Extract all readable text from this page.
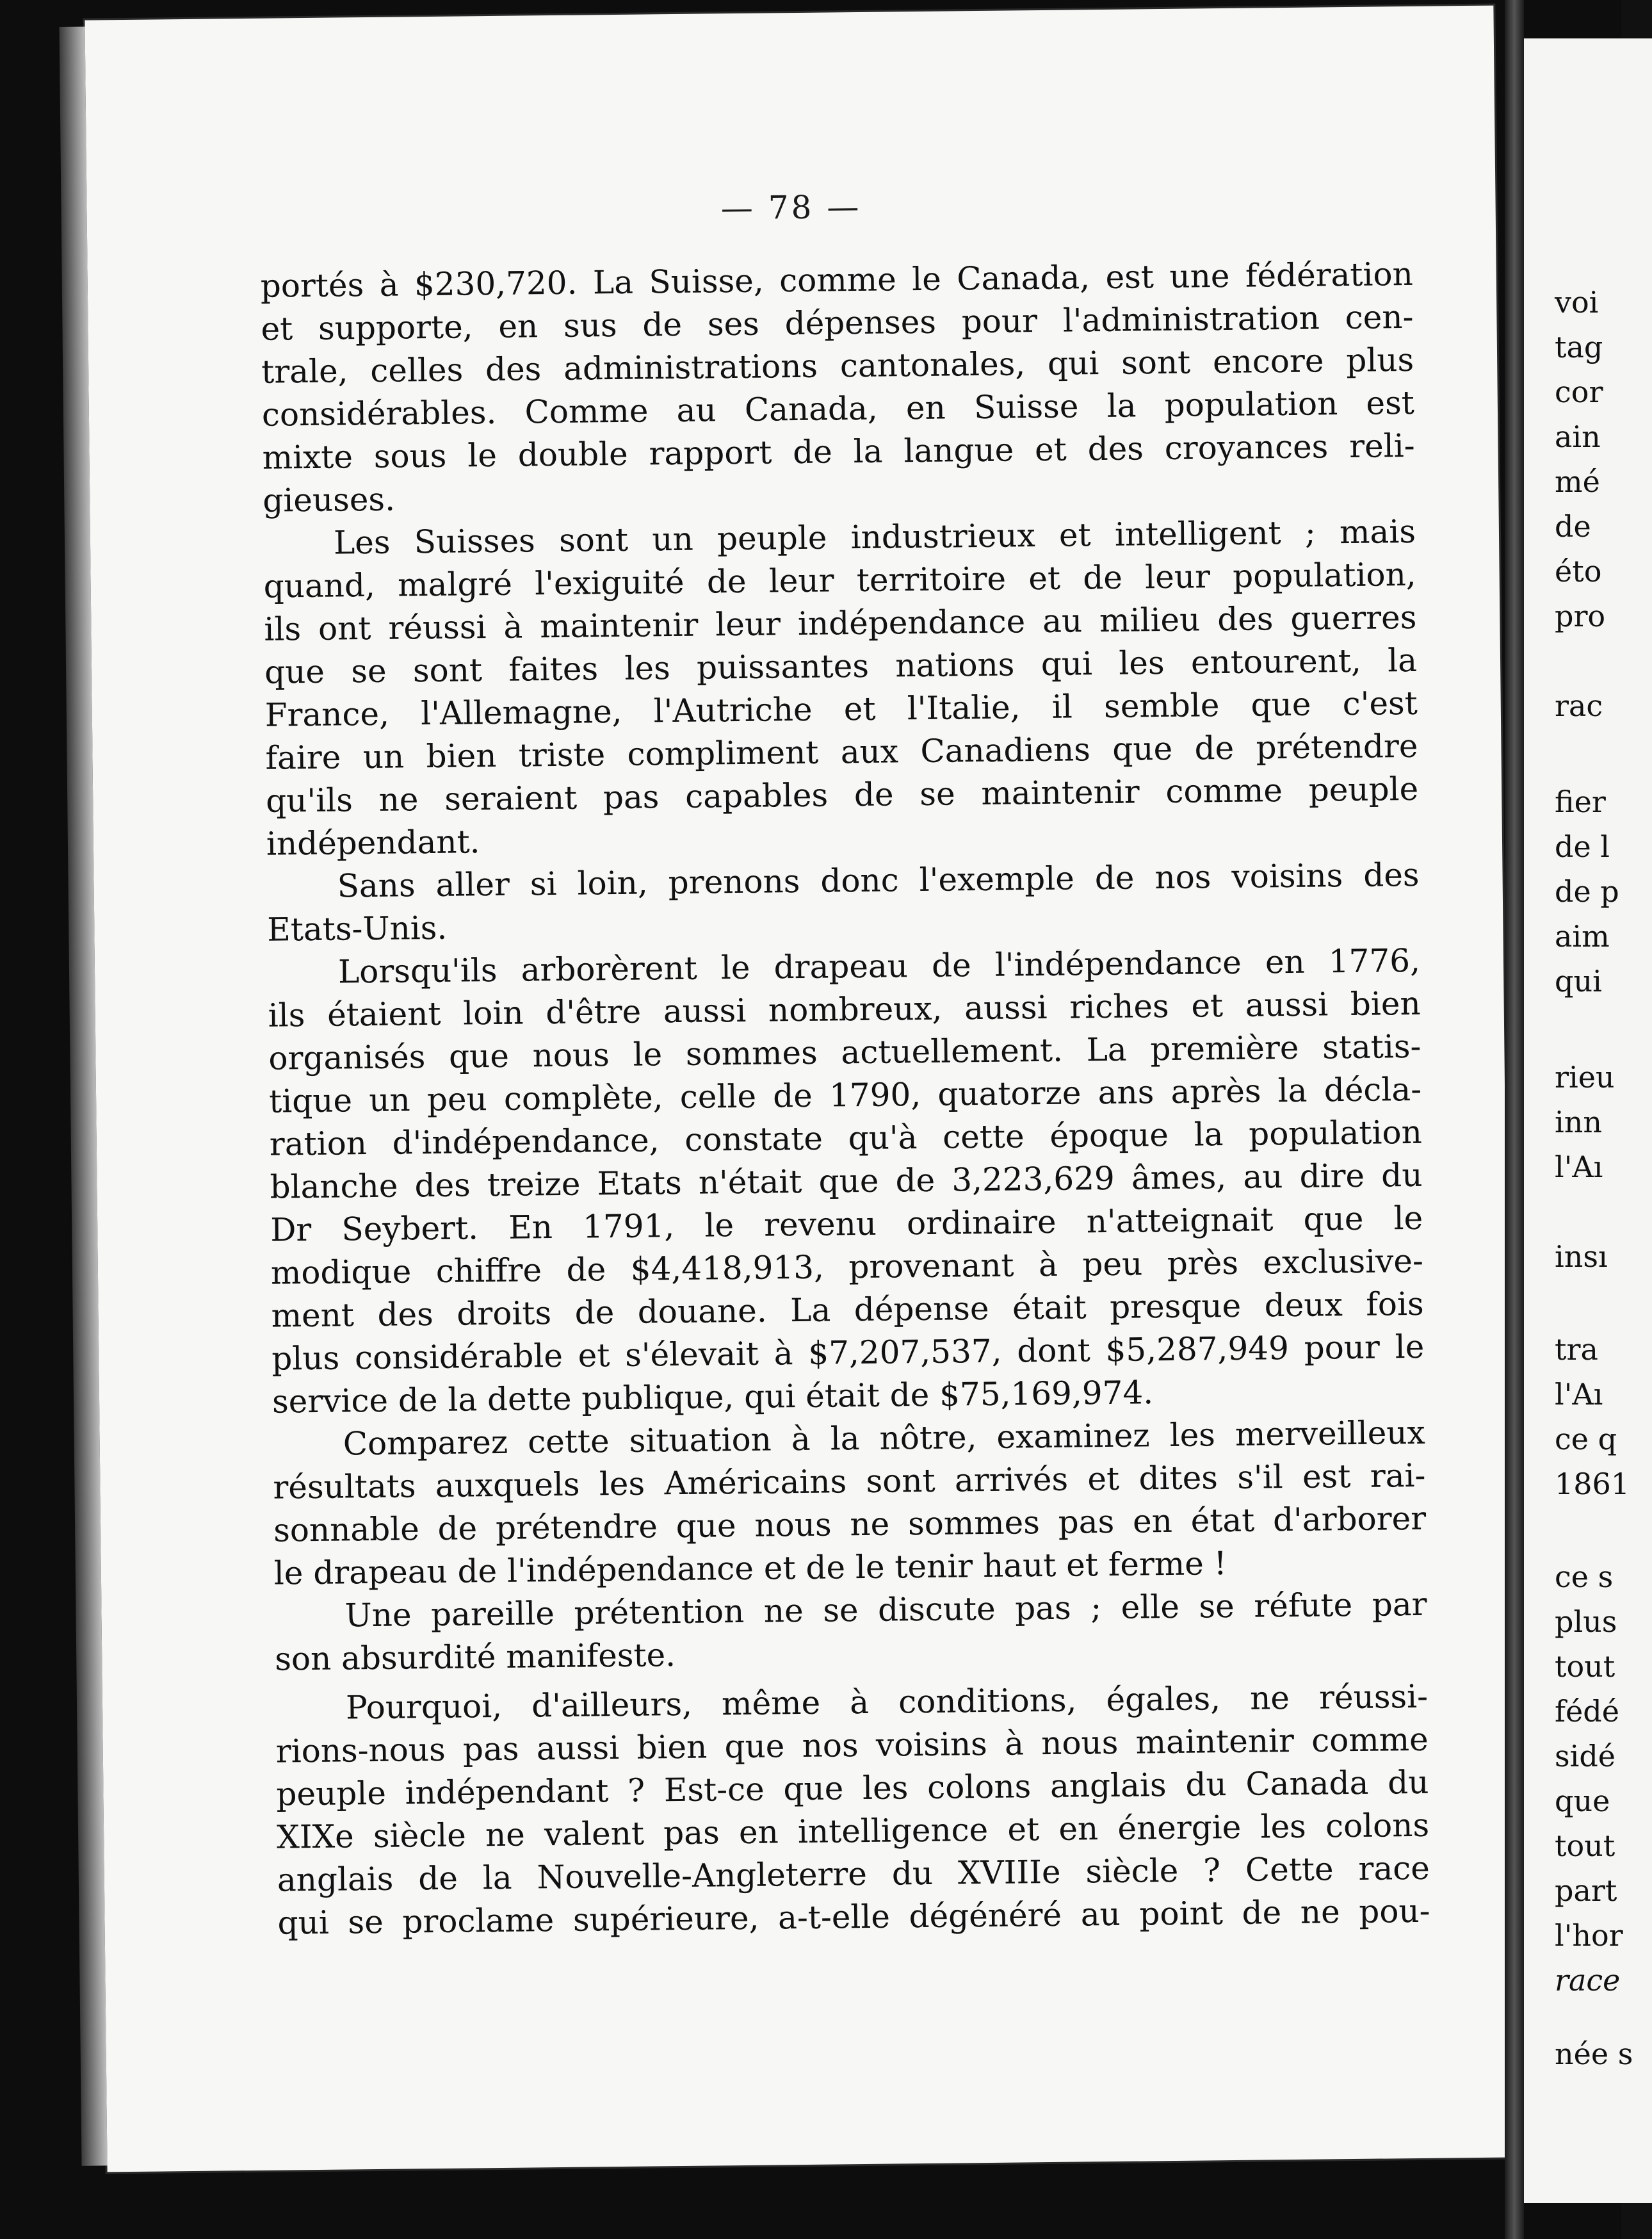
— 78 —
portés à $230,720. La Suisse, comme le Canada, est une fédération
et supporte, en sus de ses dépenses pour l'administration cen-
trale, celles des administrations cantonales, qui sont encore plus
considérables. Comme au Canada, en Suisse la population est
mixte sous le double rapport de la langue et des croyances reli-
gieuses.
Les Suisses sont un peuple industrieux et intelligent ; mais
quand, malgré l'exiguité de leur territoire et de leur population,
ils ont réussi à maintenir leur indépendance au milieu des guerres
que se sont faites les puissantes nations qui les entourent, la
France, l'Allemagne, l'Autriche et l'Italie, il semble que c'est
faire un bien triste compliment aux Canadiens que de prétendre
qu'ils ne seraient pas capables de se maintenir comme peuple
indépendant.
Sans aller si loin, prenons donc l'exemple de nos voisins des
Etats-Unis.
Lorsqu'ils arborèrent le drapeau de l'indépendance en 1776,
ils étaient loin d'être aussi nombreux, aussi riches et aussi bien
organisés que nous le sommes actuellement. La première statis-
tique un peu complète, celle de 1790, quatorze ans après la décla-
ration d'indépendance, constate qu'à cette époque la population
blanche des treize Etats n'était que de 3,223,629 âmes, au dire du
Dr Seybert. En 1791, le revenu ordinaire n'atteignait que le
modique chiffre de $4,418,913, provenant à peu près exclusive-
ment des droits de douane. La dépense était presque deux fois
plus considérable et s'élevait à $7,207,537, dont $5,287,949 pour le
service de la dette publique, qui était de $75,169,974.
Comparez cette situation à la nôtre, examinez les merveilleux
résultats auxquels les Américains sont arrivés et dites s'il est rai-
sonnable de prétendre que nous ne sommes pas en état d'arborer
le drapeau de l'indépendance et de le tenir haut et ferme !
Une pareille prétention ne se discute pas ; elle se réfute par
son absurdité manifeste.
Pourquoi, d'ailleurs, même à conditions, égales, ne réussi-
rions-nous pas aussi bien que nos voisins à nous maintenir comme
peuple indépendant ? Est-ce que les colons anglais du Canada du
XIXe siècle ne valent pas en intelligence et en énergie les colons
anglais de la Nouvelle-Angleterre du XVIIIe siècle ? Cette race
qui se proclame supérieure, a-t-elle dégénéré au point de ne pou-
voi
tag
cor
ain
mé
de
éto
pro
rac
fier
de l
de p
aim
qui
rieu
inn
l'Aı
insı
tra
l'Aı
ce q
1861
ce s
plus
tout
fédé
sidé
que
tout
part
l'hor
race
née s
